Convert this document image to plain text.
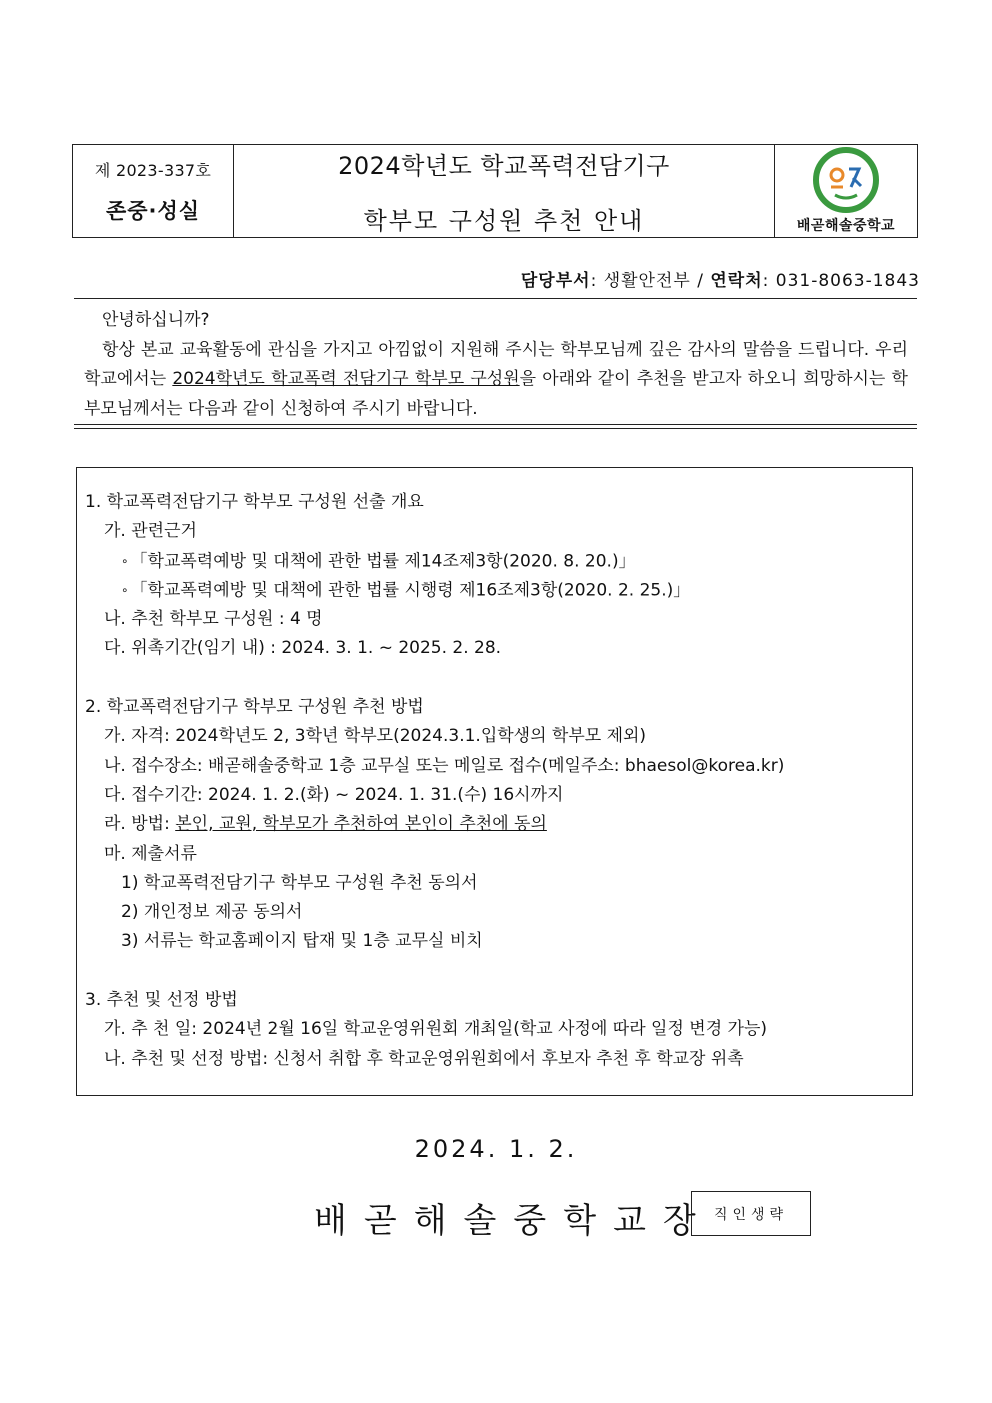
제 2023-337호
존중·성실
2024학년도 학교폭력전담기구
학부모 구성원 추천 안내	배곧해솔중학교
담당부서: 생활안전부 / 연락처: 031-8063-1843

안녕하십니까?

항상 본교 교육활동에 관심을 가지고 아낌없이 지원해 주시는 학부모님께 깊은 감사의 말씀을 드립니다. 우리 학교에서는 2024학년도 학교폭력 전담기구 학부모 구성원을 아래와 같이 추천을 받고자 하오니 희망하시는 학부모님께서는 다음과 같이 신청하여 주시기 바랍니다.

1. 학교폭력전담기구 학부모 구성원 선출 개요
가. 관련근거
∘ 「학교폭력예방 및 대책에 관한 법률 제14조제3항(2020. 8. 20.)」
∘ 「학교폭력예방 및 대책에 관한 법률 시행령 제16조제3항(2020. 2. 25.)」
나. 추천 학부모 구성원 : 4 명
다. 위촉기간(임기 내) : 2024. 3. 1. ~ 2025. 2. 28.
2. 학교폭력전담기구 학부모 구성원 추천 방법
가. 자격: 2024학년도 2, 3학년 학부모(2024.3.1.입학생의 학부모 제외)
나. 접수장소: 배곧해솔중학교 1층 교무실 또는 메일로 접수(메일주소: bhaesol@korea.kr)
다. 접수기간: 2024. 1. 2.(화) ~ 2024. 1. 31.(수) 16시까지
라. 방법: 본인, 교원, 학부모가 추천하여 본인이 추천에 동의
마. 제출서류
1) 학교폭력전담기구 학부모 구성원 추천 동의서
2) 개인정보 제공 동의서
3) 서류는 학교홈페이지 탑재 및 1층 교무실 비치
3. 추천 및 선정 방법
가. 추 천 일: 2024년 2월 16일 학교운영위원회 개최일(학교 사정에 따라 일정 변경 가능)
나. 추천 및 선정 방법: 신청서 취합 후 학교운영위원회에서 후보자 추천 후 학교장 위촉
2024. 1. 2.
배곧해솔중학교장 직인생략
